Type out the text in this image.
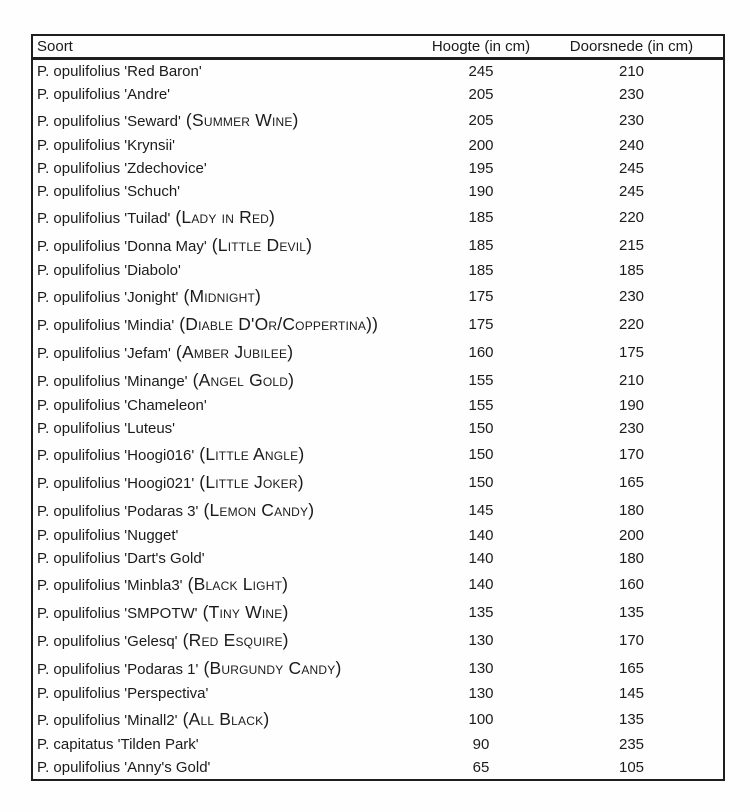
Soort	Hoogte (in cm)	Doorsnede (in cm)
P. opulifolius 'Red Baron'	245	210
P. opulifolius 'Andre'	205	230
P. opulifolius 'Seward' (Summer Wine)	205	230
P. opulifolius 'Krynsii'	200	240
P. opulifolius 'Zdechovice'	195	245
P. opulifolius 'Schuch'	190	245
P. opulifolius 'Tuilad' (Lady in Red)	185	220
P. opulifolius 'Donna May' (Little Devil)	185	215
P. opulifolius 'Diabolo'	185	185
P. opulifolius 'Jonight' (Midnight)	175	230
P. opulifolius 'Mindia' (Diable D'Or/Coppertina))	175	220
P. opulifolius 'Jefam' (Amber Jubilee)	160	175
P. opulifolius 'Minange' (Angel Gold)	155	210
P. opulifolius 'Chameleon'	155	190
P. opulifolius 'Luteus'	150	230
P. opulifolius 'Hoogi016' (Little Angle)	150	170
P. opulifolius 'Hoogi021' (Little Joker)	150	165
P. opulifolius 'Podaras 3' (Lemon Candy)	145	180
P. opulifolius 'Nugget'	140	200
P. opulifolius 'Dart's Gold'	140	180
P. opulifolius 'Minbla3' (Black Light)	140	160
P. opulifolius 'SMPOTW' (Tiny Wine)	135	135
P. opulifolius 'Gelesq' (Red Esquire)	130	170
P. opulifolius 'Podaras 1' (Burgundy Candy)	130	165
P. opulifolius 'Perspectiva'	130	145
P. opulifolius 'Minall2' (All Black)	100	135
P. capitatus 'Tilden Park'	90	235
P. opulifolius 'Anny's Gold'	65	105
